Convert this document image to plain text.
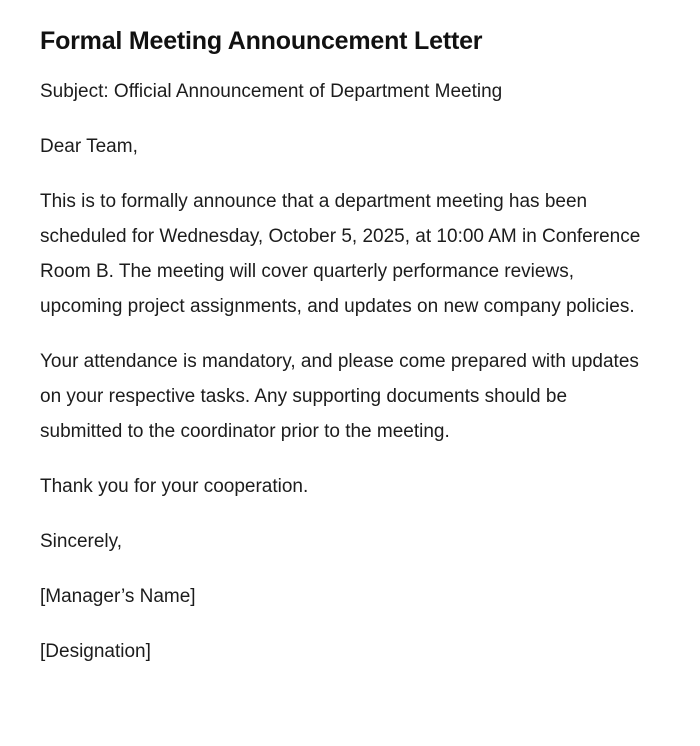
Formal Meeting Announcement Letter

Subject: Official Announcement of Department Meeting

Dear Team,

This is to formally announce that a department meeting has been scheduled for Wednesday, October 5, 2025, at 10:00 AM in Conference Room B. The meeting will cover quarterly performance reviews, upcoming project assignments, and updates on new company policies.

Your attendance is mandatory, and please come prepared with updates on your respective tasks. Any supporting documents should be submitted to the coordinator prior to the meeting.

Thank you for your cooperation.

Sincerely,

[Manager’s Name]

[Designation]
